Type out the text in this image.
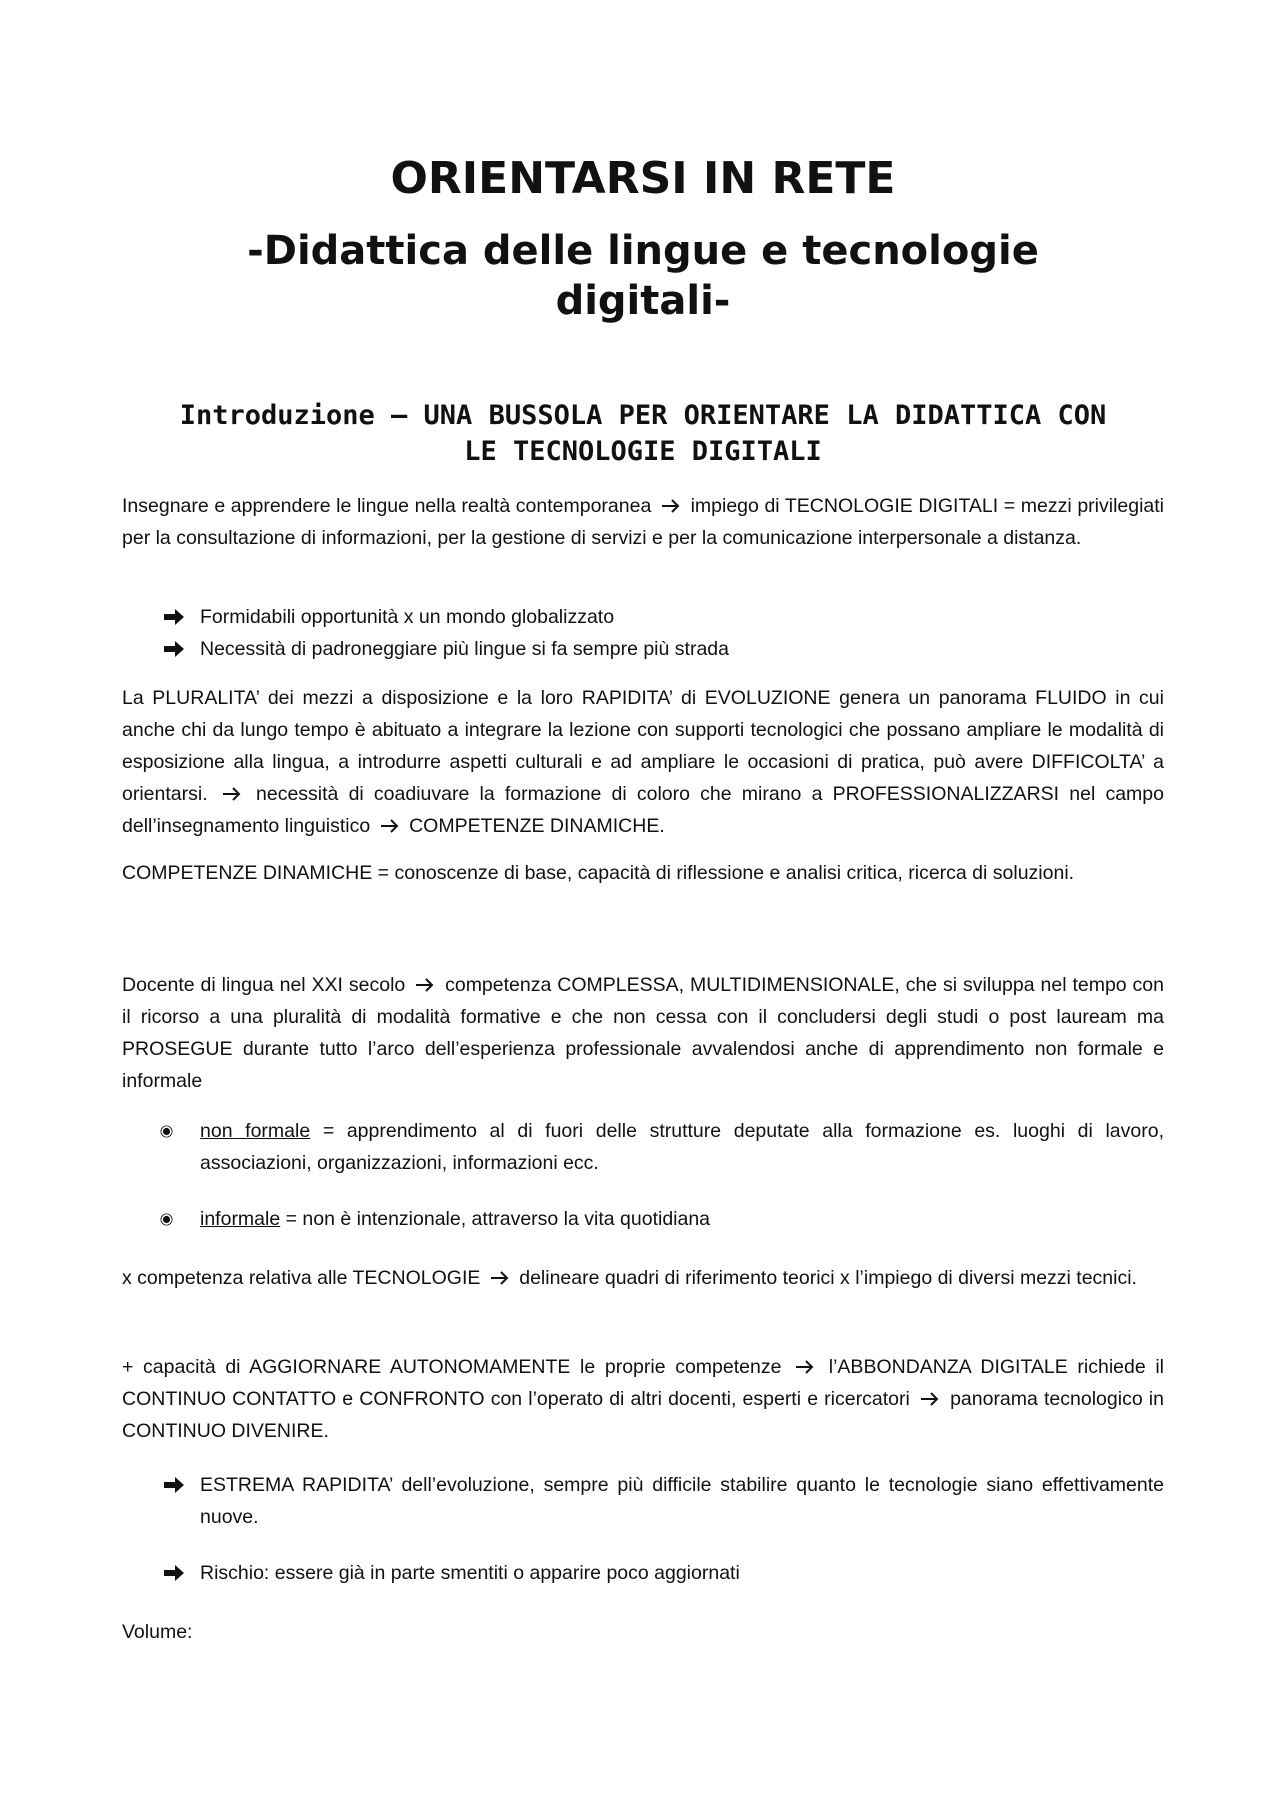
ORIENTARSI IN RETE
-Didattica delle lingue e tecnologie
digitali-
Introduzione – UNA BUSSOLA PER ORIENTARE LA DIDATTICA CON
LE TECNOLOGIE DIGITALI

Insegnare e apprendere le lingue nella realtà contemporanea impiego di TECNOLOGIE DIGITALI = mezzi privilegiati per la consultazione di informazioni, per la gestione di servizi e per la comunicazione interpersonale a distanza.

Formidabili opportunità x un mondo globalizzato
Necessità di padroneggiare più lingue si fa sempre più strada

La PLURALITA’ dei mezzi a disposizione e la loro RAPIDITA’ di EVOLUZIONE genera un panorama FLUIDO in cui anche chi da lungo tempo è abituato a integrare la lezione con supporti tecnologici che possano ampliare le modalità di esposizione alla lingua, a introdurre aspetti culturali e ad ampliare le occasioni di pratica, può avere DIFFICOLTA’ a orientarsi. necessità di coadiuvare la formazione di coloro che mirano a PROFESSIONALIZZARSI nel campo dell’insegnamento linguistico COMPETENZE DINAMICHE.

COMPETENZE DINAMICHE = conoscenze di base, capacità di riflessione e analisi critica, ricerca di soluzioni.

Docente di lingua nel XXI secolo competenza COMPLESSA, MULTIDIMENSIONALE, che si sviluppa nel tempo con il ricorso a una pluralità di modalità formative e che non cessa con il concludersi degli studi o post lauream ma PROSEGUE durante tutto l’arco dell’esperienza professionale avvalendosi anche di apprendimento non formale e informale

non formale = apprendimento al di fuori delle strutture deputate alla formazione es. luoghi di lavoro, associazioni, organizzazioni, informazioni ecc.
informale = non è intenzionale, attraverso la vita quotidiana

x competenza relativa alle TECNOLOGIE delineare quadri di riferimento teorici x l’impiego di diversi mezzi tecnici.

+ capacità di AGGIORNARE AUTONOMAMENTE le proprie competenze l’ABBONDANZA DIGITALE richiede il CONTINUO CONTATTO e CONFRONTO con l’operato di altri docenti, esperti e ricercatori panorama tecnologico in CONTINUO DIVENIRE.

ESTREMA RAPIDITA’ dell’evoluzione, sempre più difficile stabilire quanto le tecnologie siano effettivamente nuove.
Rischio: essere già in parte smentiti o apparire poco aggiornati

Volume:
